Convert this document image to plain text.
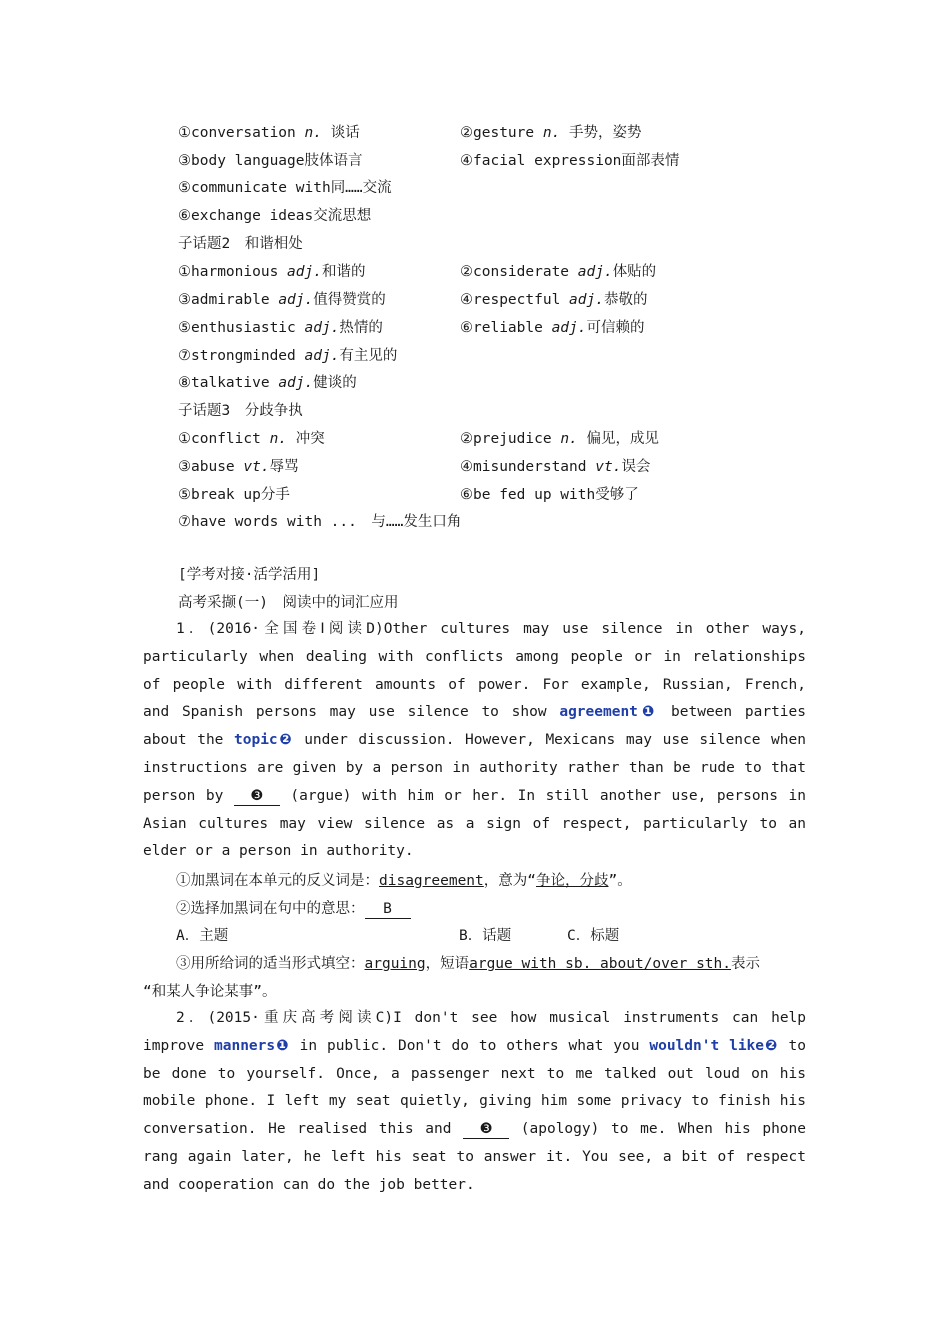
①conversation n. 谈话	②gesture n. 手势，姿势
③body language肢体语言	④facial expression面部表情
⑤communicate with同……交流
⑥exchange ideas交流思想
子话题2　和谐相处
①harmonious adj.和谐的	②considerate adj.体贴的
③admirable adj.值得赞赏的	④respectful adj.恭敬的
⑤enthusiastic adj.热情的	⑥reliable adj.可信赖的
⑦strongminded adj.有主见的
⑧talkative adj.健谈的
子话题3　分歧争执
①conflict n. 冲突	②prejudice n. 偏见，成见
③abuse vt.辱骂	④misunderstand vt.误会
⑤break up分手	⑥be fed up with受够了
⑦have words with ...　与……发生口角
[学考对接·活学活用]
高考采撷(一)　阅读中的词汇应用
1．(2016·全国卷Ⅰ阅读D)Other cultures may use silence in other ways, particularly when dealing with conflicts among people or in relationships of people with different amounts of power. For example, Russian, French, and Spanish persons may use silence to show agreement❶ between parties about the topic❷ under discussion. However, Mexicans may use silence when instructions are given by a person in authority rather than be rude to that person by ❸ (argue) with him or her. In still another use, persons in Asian cultures may view silence as a sign of respect, particularly to an elder or a person in authority.
①加黑词在本单元的反义词是：disagreement，意为“争论，分歧”。
②选择加黑词在句中的意思： B
A．主题	B．话题	C．标题
③用所给词的适当形式填空：arguing，短语argue with sb. about/over sth.表示
“和某人争论某事”。
2．(2015·重庆高考阅读C)I don't see how musical instruments can help improve manners❶ in public. Don't do to others what you wouldn't like❷ to be done to yourself. Once, a passenger next to me talked out loud on his mobile phone. I left my seat quietly, giving him some privacy to finish his conversation. He realised this and ❸ (apology) to me. When his phone rang again later, he left his seat to answer it. You see, a bit of respect and cooperation can do the job better.
